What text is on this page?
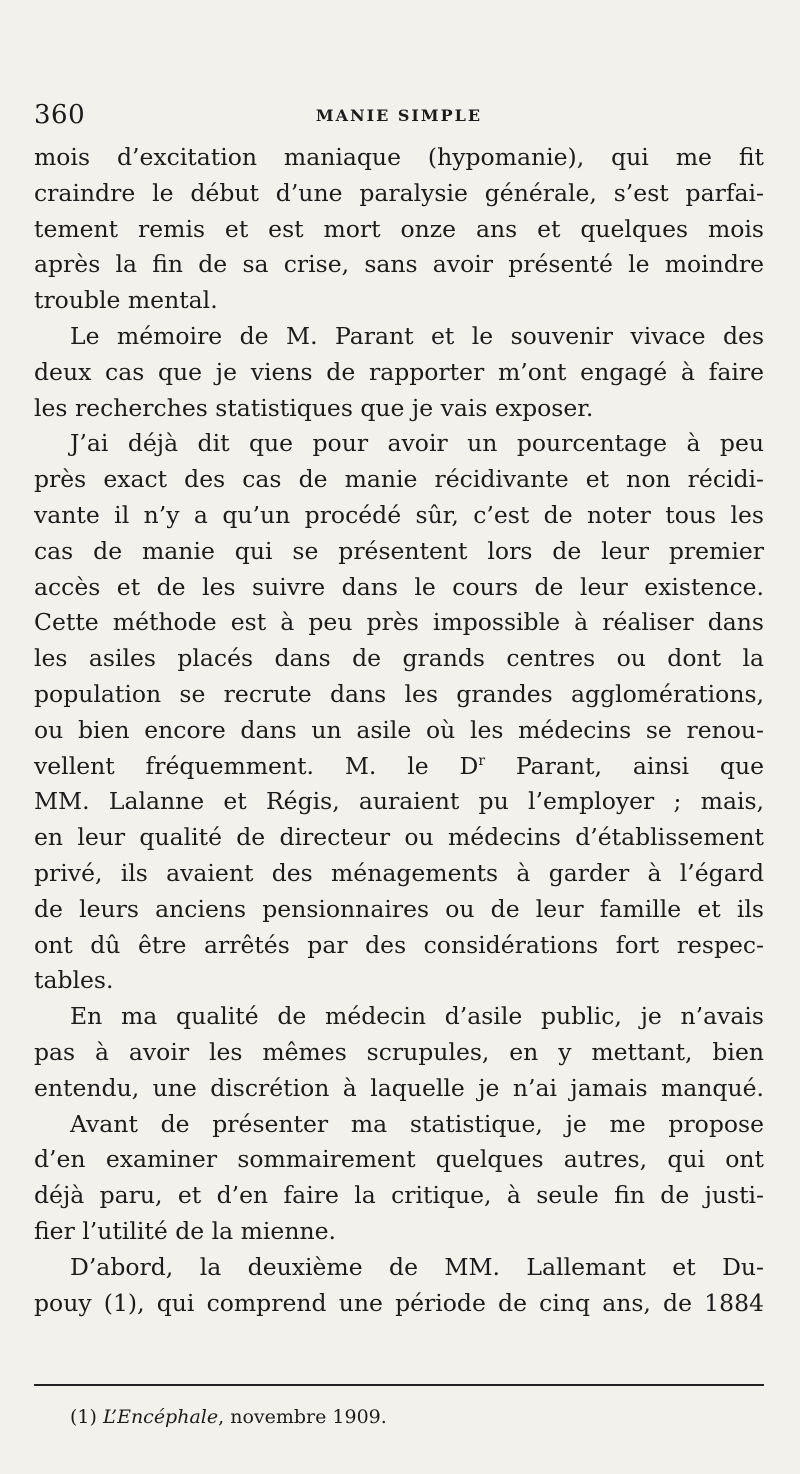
360	MANIE SIMPLE

mois d’excitation maniaque (hypomanie), qui me fit
craindre le début d’une paralysie générale, s’est parfai-
tement remis et est mort onze ans et quelques mois
après la fin de sa crise, sans avoir présenté le moindre
trouble mental.

Le mémoire de M. Parant et le souvenir vivace des
deux cas que je viens de rapporter m’ont engagé à faire
les recherches statistiques que je vais exposer.

J’ai déjà dit que pour avoir un pourcentage à peu
près exact des cas de manie récidivante et non récidi-
vante il n’y a qu’un procédé sûr, c’est de noter tous les
cas de manie qui se présentent lors de leur premier
accès et de les suivre dans le cours de leur existence.
Cette méthode est à peu près impossible à réaliser dans
les asiles placés dans de grands centres ou dont la
population se recrute dans les grandes agglomérations,
ou bien encore dans un asile où les médecins se renou-
vellent fréquemment. M. le $D^r$ Parant, ainsi que
MM. Lalanne et Régis, auraient pu l’employer ; mais,
en leur qualité de directeur ou médecins d’établissement
privé, ils avaient des ménagements à garder à l’égard
de leurs anciens pensionnaires ou de leur famille et ils
ont dû être arrêtés par des considérations fort respec-
tables.

En ma qualité de médecin d’asile public, je n’avais
pas à avoir les mêmes scrupules, en y mettant, bien
entendu, une discrétion à laquelle je n’ai jamais manqué.

Avant de présenter ma statistique, je me propose
d’en examiner sommairement quelques autres, qui ont
déjà paru, et d’en faire la critique, à seule fin de justi-
fier l’utilité de la mienne.

D’abord, la deuxième de MM. Lallemant et Du-
pouy (1), qui comprend une période de cinq ans, de 1884

(1) L’Encéphale, novembre 1909.
